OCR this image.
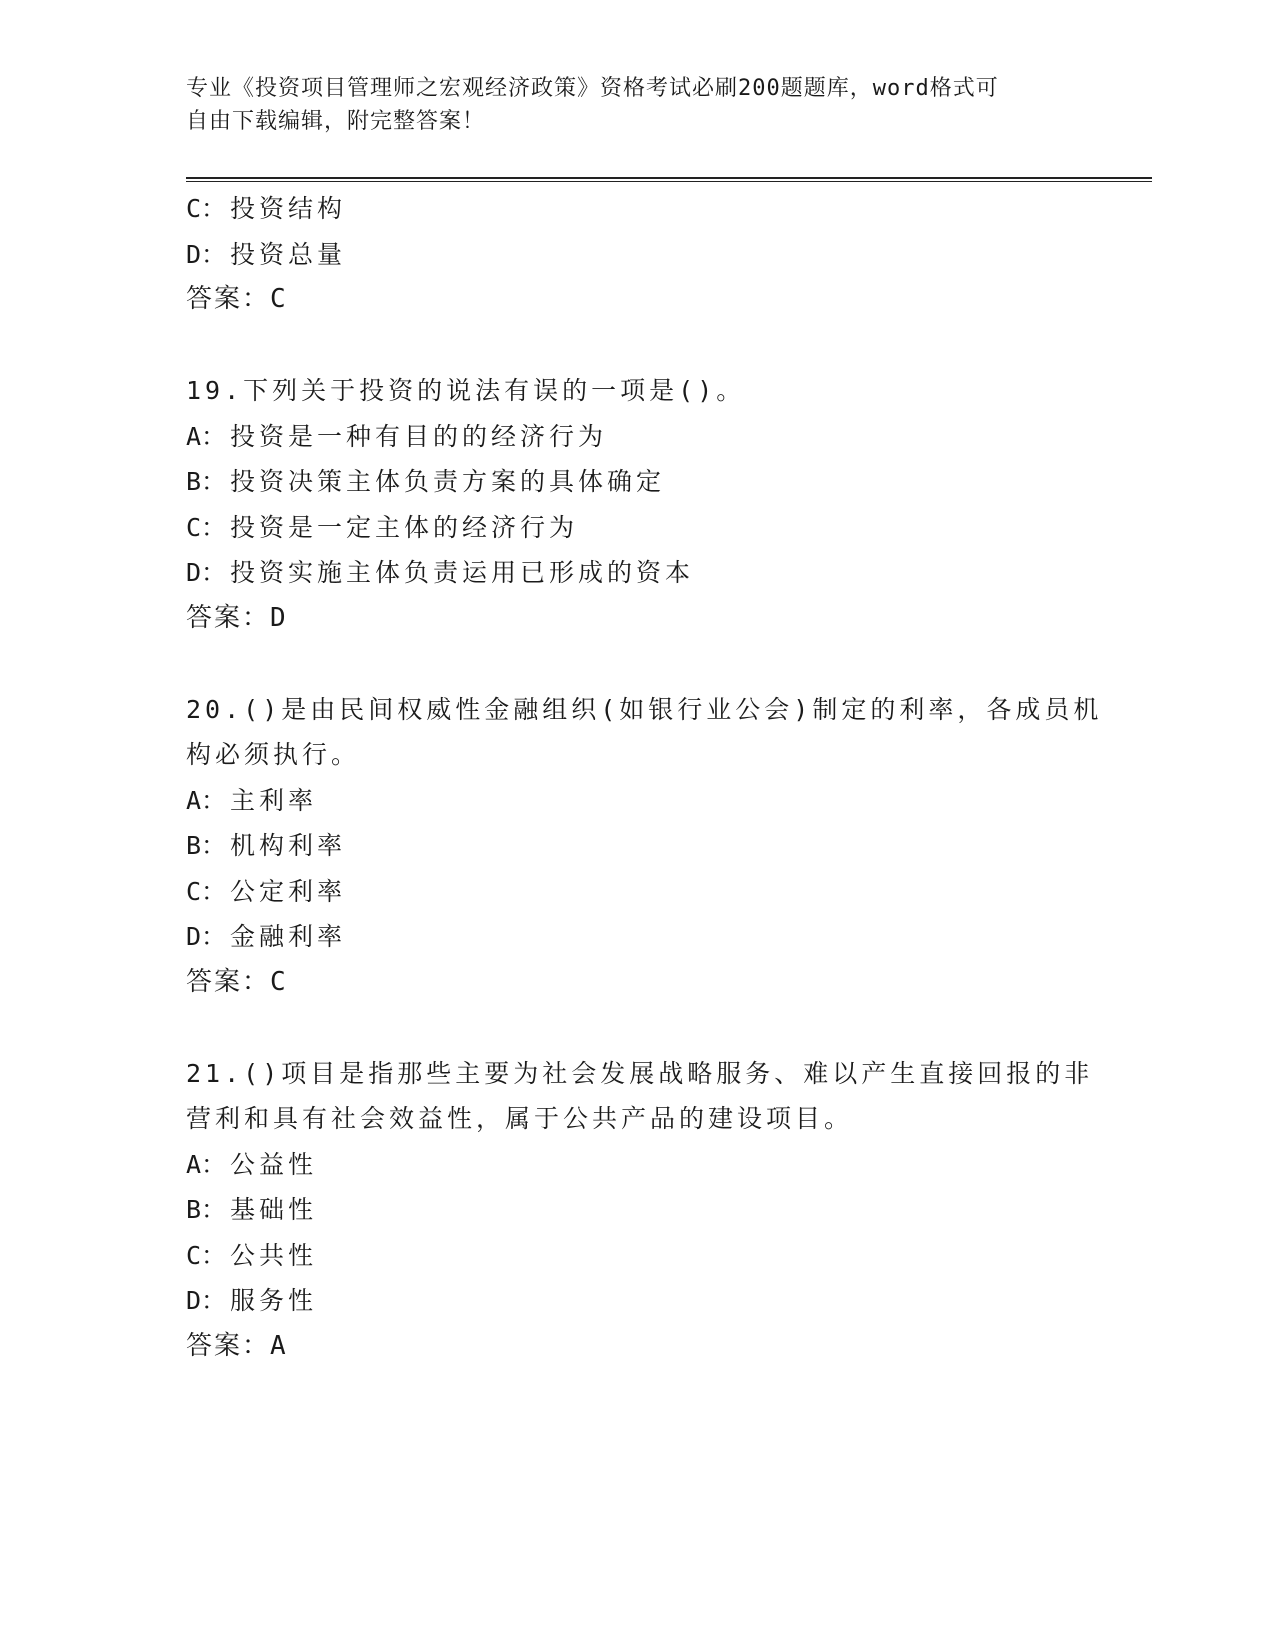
专业《投资项目管理师之宏观经济政策》资格考试必刷200题题库，word格式可
自由下载编辑，附完整答案！
C： 投资结构
D： 投资总量
答案：C
19.下列关于投资的说法有误的一项是()。
A： 投资是一种有目的的经济行为
B： 投资决策主体负责方案的具体确定
C： 投资是一定主体的经济行为
D： 投资实施主体负责运用已形成的资本
答案：D
20.()是由民间权威性金融组织(如银行业公会)制定的利率，各成员机
构必须执行。
A： 主利率
B： 机构利率
C： 公定利率
D： 金融利率
答案：C
21.()项目是指那些主要为社会发展战略服务、难以产生直接回报的非
营利和具有社会效益性，属于公共产品的建设项目。
A： 公益性
B： 基础性
C： 公共性
D： 服务性
答案：A
